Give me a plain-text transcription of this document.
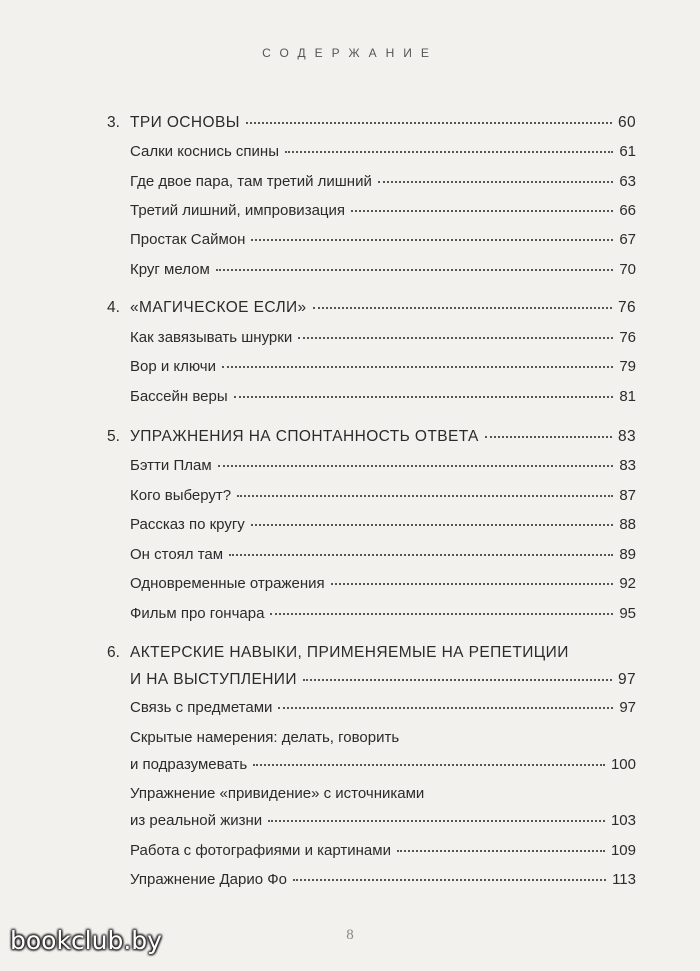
СОДЕРЖАНИЕ
3. ТРИ ОСНОВЫ	60
Салки коснись спины	61
Где двое пара, там третий лишний	63
Третий лишний, импровизация	66
Простак Саймон	67
Круг мелом	70
4. «МАГИЧЕСКОЕ ЕСЛИ»	76
Как завязывать шнурки	76
Вор и ключи	79
Бассейн веры	81
5. УПРАЖНЕНИЯ НА СПОНТАННОСТЬ ОТВЕТА	83
Бэтти Плам	83
Кого выберут?	87
Рассказ по кругу	88
Он стоял там	89
Одновременные отражения	92
Фильм про гончара	95
6. АКТЕРСКИЕ НАВЫКИ, ПРИМЕНЯЕМЫЕ НА РЕПЕТИЦИИ
И НА ВЫСТУПЛЕНИИ	97
Связь с предметами	97
Скрытые намерения: делать, говорить
и подразумевать	100
Упражнение «привидение» с источниками
из реальной жизни	103
Работа с фотографиями и картинами	109
Упражнение Дарио Фо	113
8
bookclub.by
